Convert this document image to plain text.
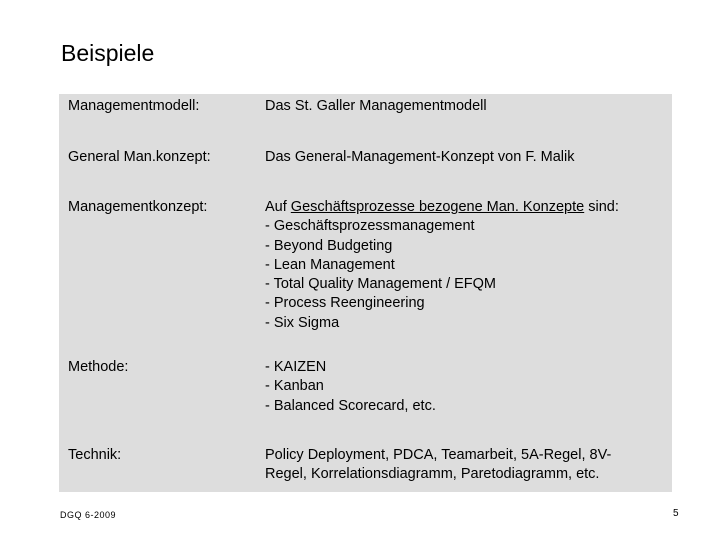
Beispiele
Managementmodell:	Das St. Galler Managementmodell
General Man.konzept:	Das General-Management-Konzept von F. Malik
Managementkonzept:	Auf Geschäftsprozesse bezogene Man. Konzepte sind:
- Geschäftsprozessmanagement
- Beyond Budgeting
- Lean Management
- Total Quality Management / EFQM
- Process Reengineering
- Six Sigma
Methode:	- KAIZEN
- Kanban
- Balanced Scorecard, etc.
Technik:	Policy Deployment, PDCA, Teamarbeit, 5A-Regel, 8V-
Regel, Korrelationsdiagramm, Paretodiagramm, etc.
DGQ 6-2009	5
